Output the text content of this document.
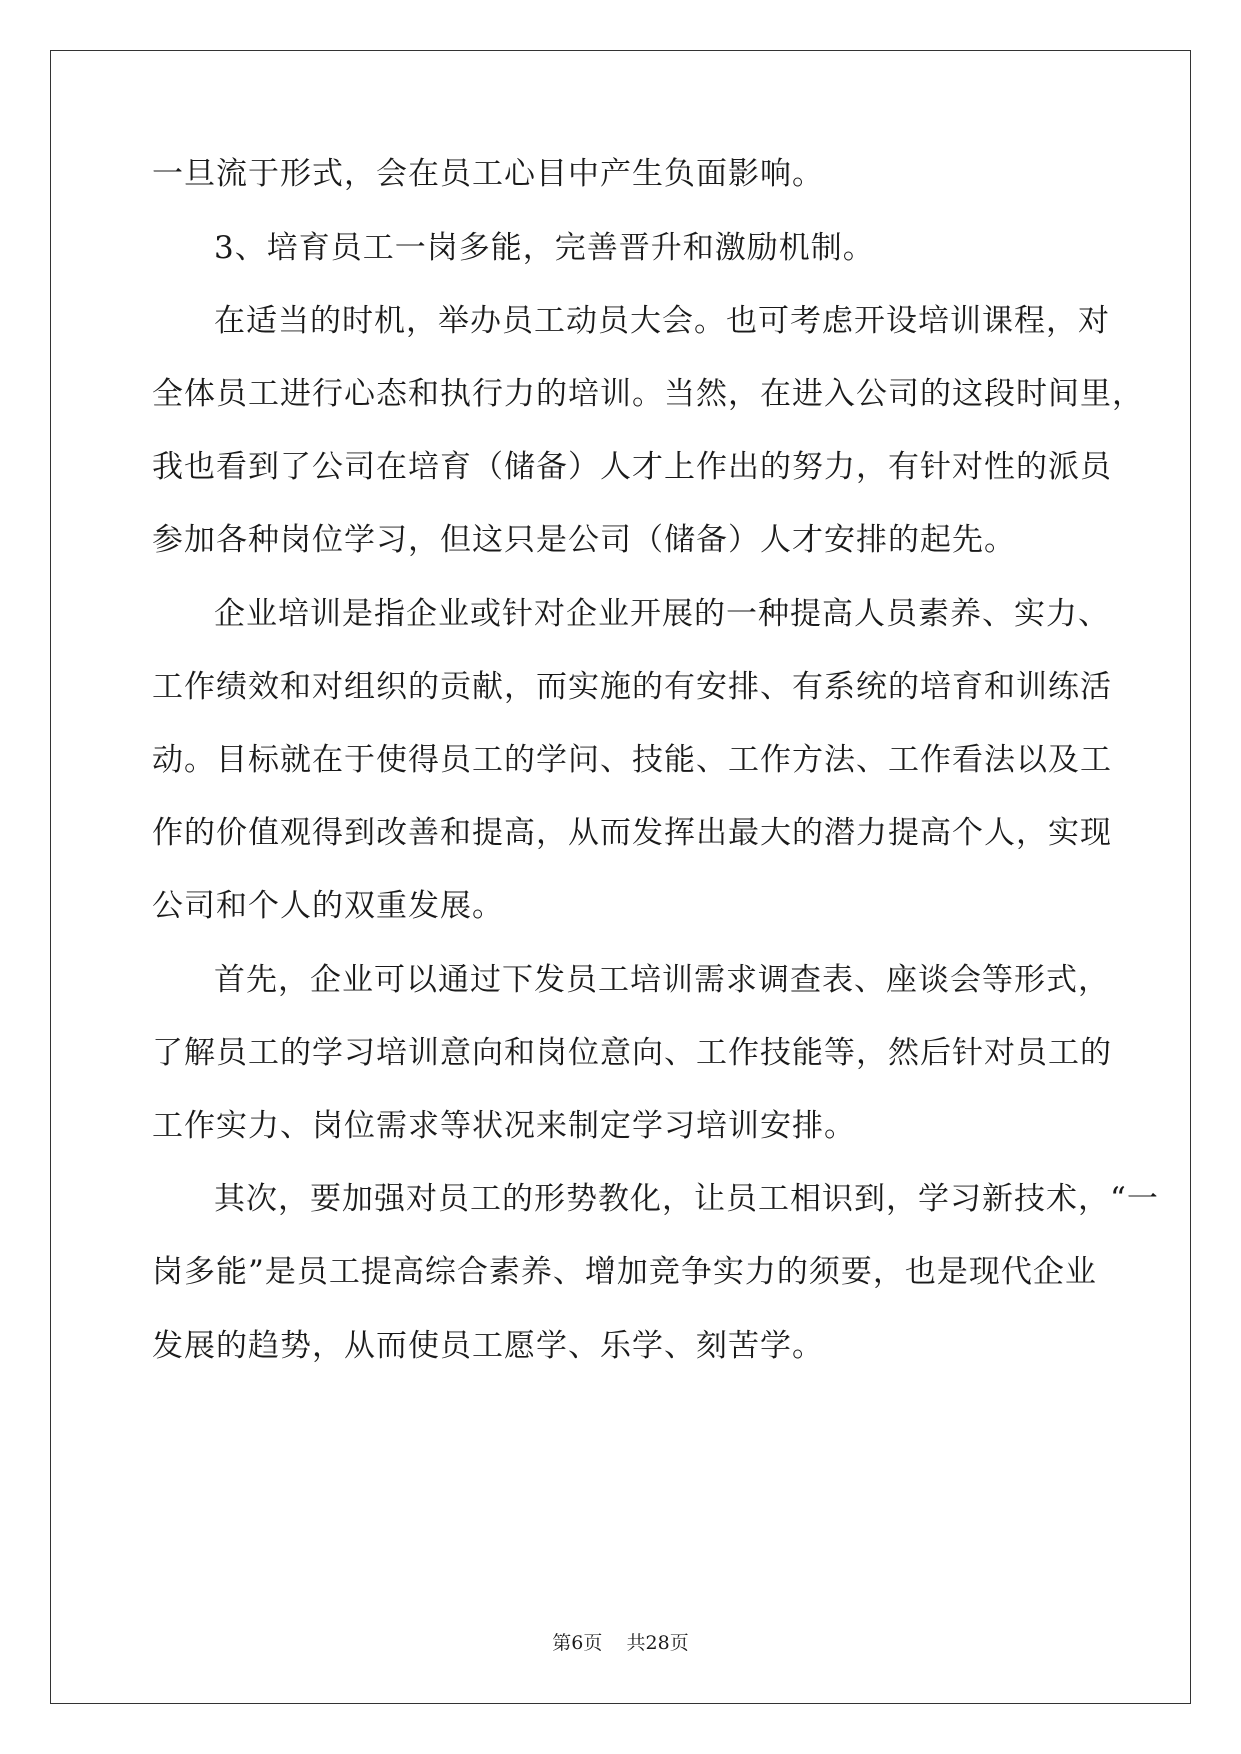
一旦流于形式，会在员工心目中产生负面影响。
3、培育员工一岗多能，完善晋升和激励机制。
在适当的时机，举办员工动员大会。也可考虑开设培训课程，对
全体员工进行心态和执行力的培训。当然，在进入公司的这段时间里，
我也看到了公司在培育（储备）人才上作出的努力，有针对性的派员
参加各种岗位学习，但这只是公司（储备）人才安排的起先。
企业培训是指企业或针对企业开展的一种提高人员素养、实力、
工作绩效和对组织的贡献，而实施的有安排、有系统的培育和训练活
动。目标就在于使得员工的学问、技能、工作方法、工作看法以及工
作的价值观得到改善和提高，从而发挥出最大的潜力提高个人，实现
公司和个人的双重发展。
首先，企业可以通过下发员工培训需求调查表、座谈会等形式，
了解员工的学习培训意向和岗位意向、工作技能等，然后针对员工的
工作实力、岗位需求等状况来制定学习培训安排。
其次，要加强对员工的形势教化，让员工相识到，学习新技术，“一
岗多能”是员工提高综合素养、增加竞争实力的须要，也是现代企业
发展的趋势，从而使员工愿学、乐学、刻苦学。
第6页    共28页
